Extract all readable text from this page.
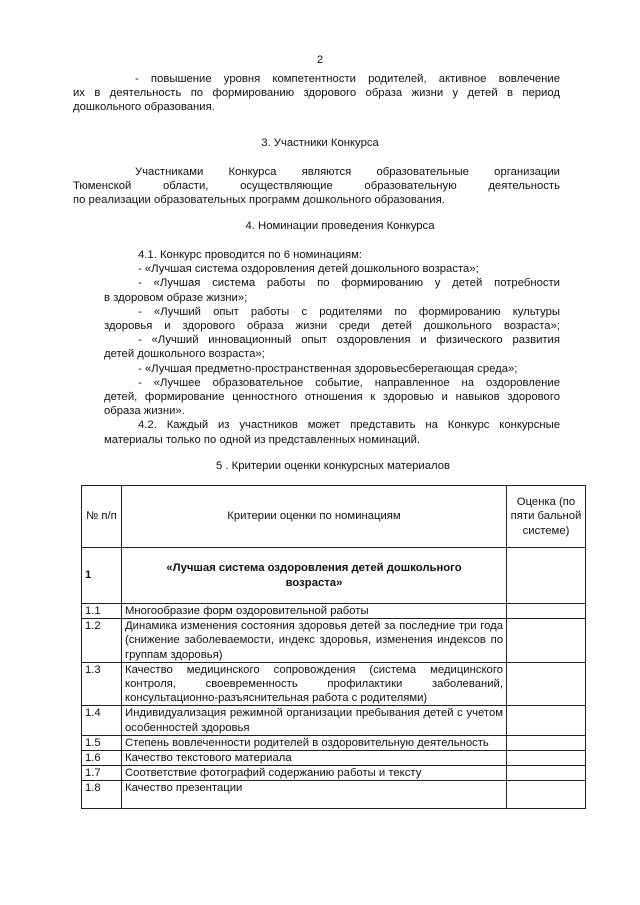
2

- повышение уровня компетентности родителей, активное вовлечение

их в деятельность по формированию здорового образа жизни у детей в период

дошкольного образования.

3. Участники Конкурса

Участниками Конкурса являются образовательные организации

Тюменской области, осуществляющие образовательную деятельность

по реализации образовательных программ дошкольного образования.

4. Номинации проведения Конкурса

4.1. Конкурс проводится по 6 номинациям:

- «Лучшая система оздоровления детей дошкольного возраста»;

- «Лучшая система работы по формированию у детей потребности

в здоровом образе жизни»;

- «Лучший опыт работы с родителями по формированию культуры

здоровья и здорового образа жизни среди детей дошкольного возраста»;

- «Лучший инновационный опыт оздоровления и физического развития

детей дошкольного возраста»;

- «Лучшая предметно-пространственная здоровьесберегающая среда»;

- «Лучшее образовательное событие, направленное на оздоровление

детей, формирование ценностного отношения к здоровью и навыков здорового

образа жизни».

4.2. Каждый из участников может представить на Конкурс конкурсные

материалы только по одной из представленных номинаций.

5 . Критерии оценки конкурсных материалов
№ п/п	Критерии оценки по номинациям	Оценка (по пяти бальной системе)
1	«Лучшая система оздоровления детей дошкольного возраста»	
1.1	Многообразие форм оздоровительной работы	
1.2	Динамика изменения состояния здоровья детей за последние три года (снижение заболеваемости, индекс здоровья, изменения индексов по группам здоровья)	
1.3	Качество медицинского сопровождения (система медицинского контроля, своевременность профилактики заболеваний, консультационно-разъяснительная работа с родителями)	
1.4	Индивидуализация режимной организации пребывания детей с учетом особенностей здоровья	
1.5	Степень вовлеченности родителей в оздоровительную деятельность	
1.6	Качество текстового материала	
1.7	Соответствие фотографий содержанию работы и тексту	
1.8	Качество презентации	
